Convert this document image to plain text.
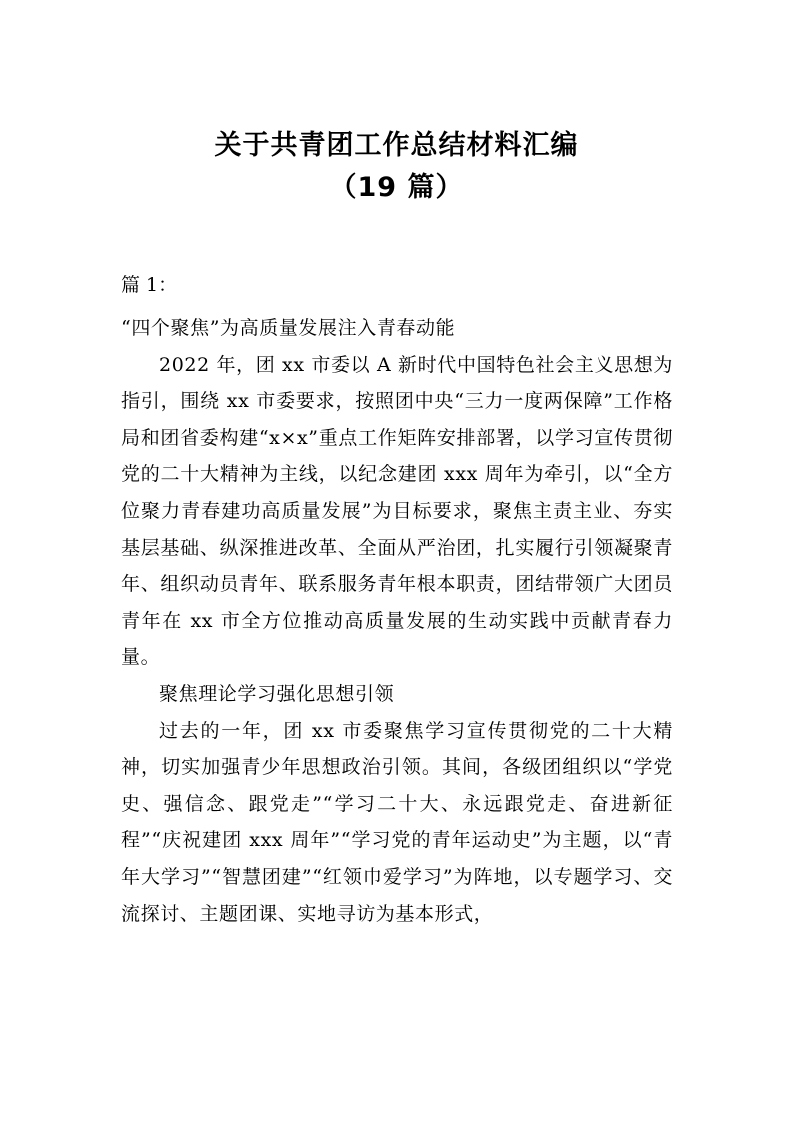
关于共青团工作总结材料汇编
（19 篇）

篇 1：

“四个聚焦”为高质量发展注入青春动能

2022 年，团 xx 市委以 A 新时代中国特色社会主义思想为指引，围绕 xx 市委要求，按照团中央“三力一度两保障”工作格局和团省委构建“x×x”重点工作矩阵安排部署，以学习宣传贯彻党的二十大精神为主线，以纪念建团 xxx 周年为牵引，以“全方位聚力青春建功高质量发展”为目标要求，聚焦主责主业、夯实基层基础、纵深推进改革、全面从严治团，扎实履行引领凝聚青年、组织动员青年、联系服务青年根本职责，团结带领广大团员青年在 xx 市全方位推动高质量发展的生动实践中贡献青春力量。

聚焦理论学习强化思想引领

过去的一年，团 xx 市委聚焦学习宣传贯彻党的二十大精神，切实加强青少年思想政治引领。其间，各级团组织以“学党史、强信念、跟党走”“学习二十大、永远跟党走、奋进新征程”“庆祝建团 xxx 周年”“学习党的青年运动史”为主题，以“青年大学习”“智慧团建”“红领巾爱学习”为阵地，以专题学习、交流探讨、主题团课、实地寻访为基本形式，
